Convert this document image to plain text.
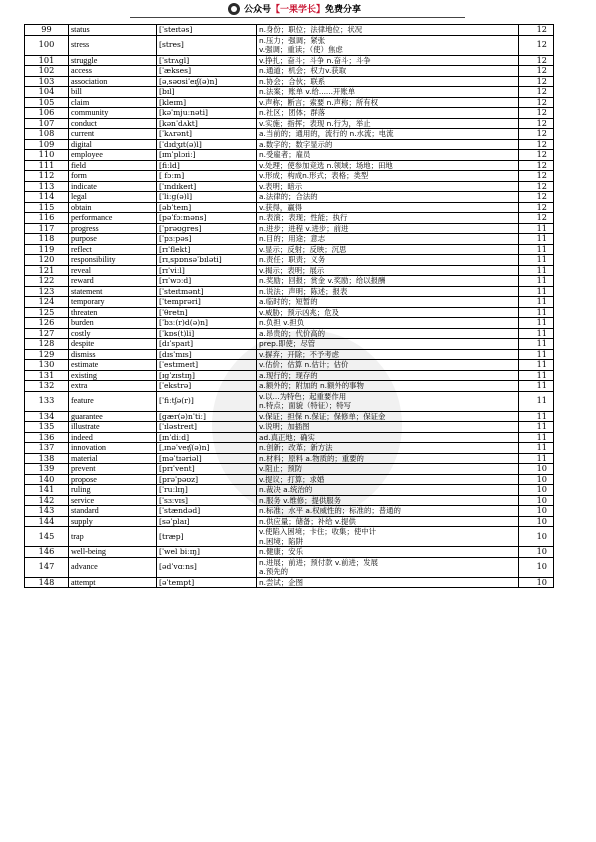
公众号 【一果学长】 免费分享
99	status	[ˈsteɪtəs]	n.身份；职位；法律地位；状况	12
100	stress	[stres]	n.压力；强调；紧张
v.强调；重读；（使）焦虑	12
101	struggle	[ˈstrʌgl]	v.挣扎；奋斗；斗争 n.奋斗；斗争	12
102	access	[ˈækses]	n.通道；机会；权力v.获取	12
103	association	[əˌsəʊsiˈeɪʃ(ə)n]	n.协会；合伙；联系	12
104	bill	[bɪl]	n.法案；账单 v.给......开账单	12
105	claim	[kleɪm]	v.声称；断言；索要 n.声称；所有权	12
106	community	[kəˈmjuːnəti]	n.社区；团体；群落	12
107	conduct	[kənˈdʌkt]	v.实施；指挥；表现 n.行为，举止	12
108	current	[ˈkʌrənt]	a.当前的；通用的，流行的 n.水流；电流	12
109	digital	[ˈdɪdʒɪt(ə)l]	a.数字的；数字显示的	12
110	employee	[ɪmˈplɔɪiː]	n.受雇者；雇员	12
111	field	[fiːld]	v.处理；使参加竞选 n.领域；场地；田地	12
112	form	[ fɔːm]	v.形成；构成n.形式；表格；类型	12
113	indicate	[ˈɪndɪkeɪt]	v.表明；暗示	12
114	legal	[ˈliːg(ə)l]	a.法律的；合法的	12
115	obtain	[əbˈteɪn]	v.获得，赢得	12
116	performance	[pəˈfɔːməns]	n.表演；表现；性能；执行	12
117	progress	[ˈprəʊgres]	n.进步；进程 v.进步；前进	11
118	purpose	[ˈpɜːpəs]	n.目的；用途；意志	11
119	reflect	[rɪˈflekt]	v.显示；反射；反映；沉思	11
120	responsibility	[rɪˌspɒnsəˈbɪləti]	n.责任；职责；义务	11
121	reveal	[rɪˈviːl]	v.揭示；表明；展示	11
122	reward	[rɪˈwɔːd]	n.奖励；回报；赏金 v.奖励；给以报酬	11
123	statement	[ˈsteɪtmənt]	n.说法；声明；陈述；报表	11
124	temporary	[ˈtemprəri]	a.临时的；短暂的	11
125	threaten	[ˈθretn]	v.威胁；预示凶兆；危及	11
126	burden	[ˈbɜː(r)d(ə)n]	n.负担 v.担负	11
127	costly	[ˈkɒs(t)li]	a.昂贵的；代价高的	11
128	despite	[dɪˈspaɪt]	prep.即使；尽管	11
129	dismiss	[dɪsˈmɪs]	v.摒弃；开除；不予考虑	11
130	estimate	[ˈestɪmeɪt]	v.估价；估算 n.估计；估价	11
131	existing	[ɪgˈzɪstɪŋ]	a.现行的；现存的	11
132	extra	[ˈekstrə]	a.额外的；附加的 n.额外的事物	11
133	feature	[ˈfiːtʃə(r)]	v.以...为特色；起重要作用
n.特点；面貌（特征）；特写	11
134	guarantee	[gær(ə)nˈtiː]	v.保证；担保 n.保证；保修单；保证金	11
135	illustrate	[ˈɪləstreɪt]	v.说明；加插图	11
136	indeed	[ɪnˈdiːd]	ad.真正地；确实	11
137	innovation	[ˌɪnəˈveɪʃ(ə)n]	n.创新；改革；新方法	11
138	material	[məˈtɪəriəl]	n.材料；原料 a.物质的；重要的	11
139	prevent	[prɪˈvent]	v.阻止；预防	10
140	propose	[prəˈpəʊz]	v.提议；打算；求婚	10
141	ruling	[ˈruːlɪŋ]	n.裁决 a.统治的	10
142	service	[ˈsɜːvɪs]	n.服务 v.维修；提供服务	10
143	standard	[ˈstændəd]	n.标准；水平 a.权威性的；标准的；普通的	10
144	supply	[səˈplaɪ]	n.供应量；储备；补给 v.提供	10
145	trap	[træp]	v.使陷入困境；卡住；收集；使中计
n.困境；陷阱	10
146	well-being	[ˈwel biːɪŋ]	n.健康；安乐	10
147	advance	[ədˈvɑːns]	n.进展；前进；预付款 v.前进；发展
a.预先的	10
148	attempt	[əˈtempt]	n.尝试；企图	10
